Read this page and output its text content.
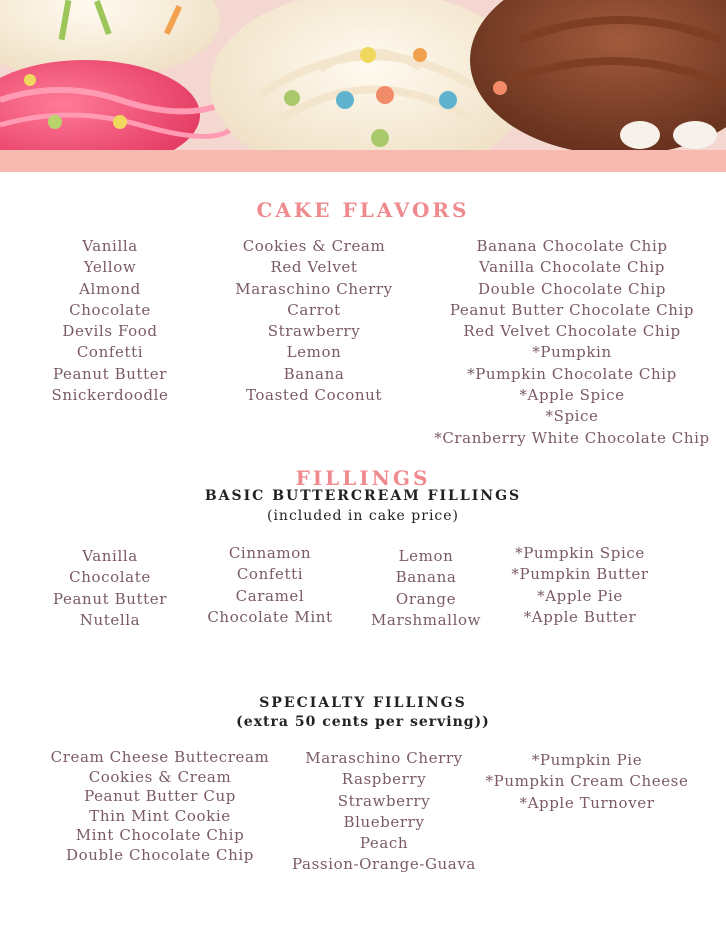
CAKE FLAVORS
Vanilla
Yellow
Almond
Chocolate
Devils Food
Confetti
Peanut Butter
Snickerdoodle
Cookies & Cream
Red Velvet
Maraschino Cherry
Carrot
Strawberry
Lemon
Banana
Toasted Coconut
Banana Chocolate Chip
Vanilla Chocolate Chip
Double Chocolate Chip
Peanut Butter Chocolate Chip
Red Velvet Chocolate Chip
*Pumpkin
*Pumpkin Chocolate Chip
*Apple Spice
*Spice
*Cranberry White Chocolate Chip
FILLINGS
BASIC BUTTERCREAM FILLINGS
(included in cake price)
Vanilla
Chocolate
Peanut Butter
Nutella
Cinnamon
Confetti
Caramel
Chocolate Mint
Lemon
Banana
Orange
Marshmallow
*Pumpkin Spice
*Pumpkin Butter
*Apple Pie
*Apple Butter
SPECIALTY FILLINGS
(extra 50 cents per serving))
Cream Cheese Buttecream
Cookies & Cream
Peanut Butter Cup
Thin Mint Cookie
Mint Chocolate Chip
Double Chocolate Chip
Maraschino Cherry
Raspberry
Strawberry
Blueberry
Peach
Passion-Orange-Guava
*Pumpkin Pie
*Pumpkin Cream Cheese
*Apple Turnover
